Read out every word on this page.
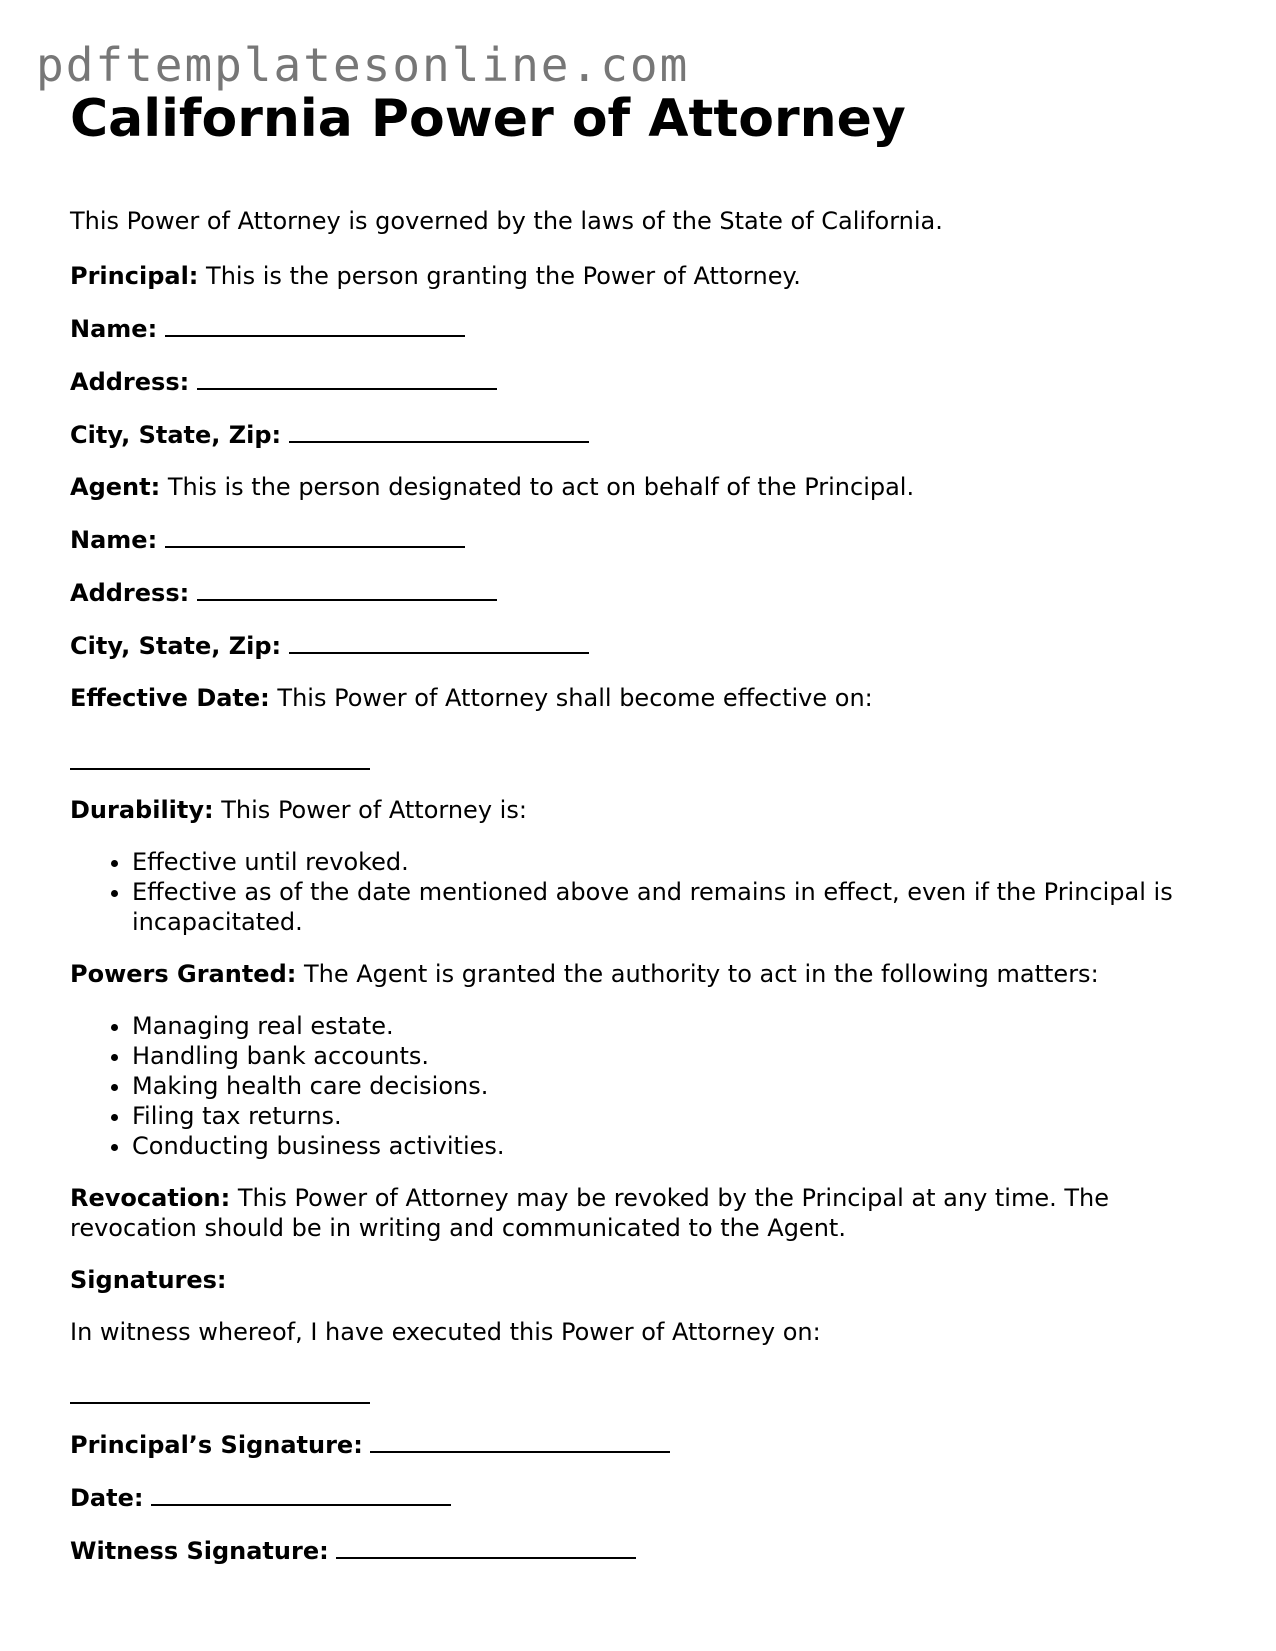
pdftemplatesonline.com
California Power of Attorney

This Power of Attorney is governed by the laws of the State of California.

Principal: This is the person granting the Power of Attorney.

Name:

Address:

City, State, Zip:

Agent: This is the person designated to act on behalf of the Principal.

Name:

Address:

City, State, Zip:

Effective Date: This Power of Attorney shall become effective on:

Durability: This Power of Attorney is:

• Effective until revoked.
• Effective as of the date mentioned above and remains in effect, even if the Principal is incapacitated.

Powers Granted: The Agent is granted the authority to act in the following matters:

• Managing real estate.
• Handling bank accounts.
• Making health care decisions.
• Filing tax returns.
• Conducting business activities.

Revocation: This Power of Attorney may be revoked by the Principal at any time. The revocation should be in writing and communicated to the Agent.

Signatures:

In witness whereof, I have executed this Power of Attorney on:

Principal’s Signature:

Date:

Witness Signature:
